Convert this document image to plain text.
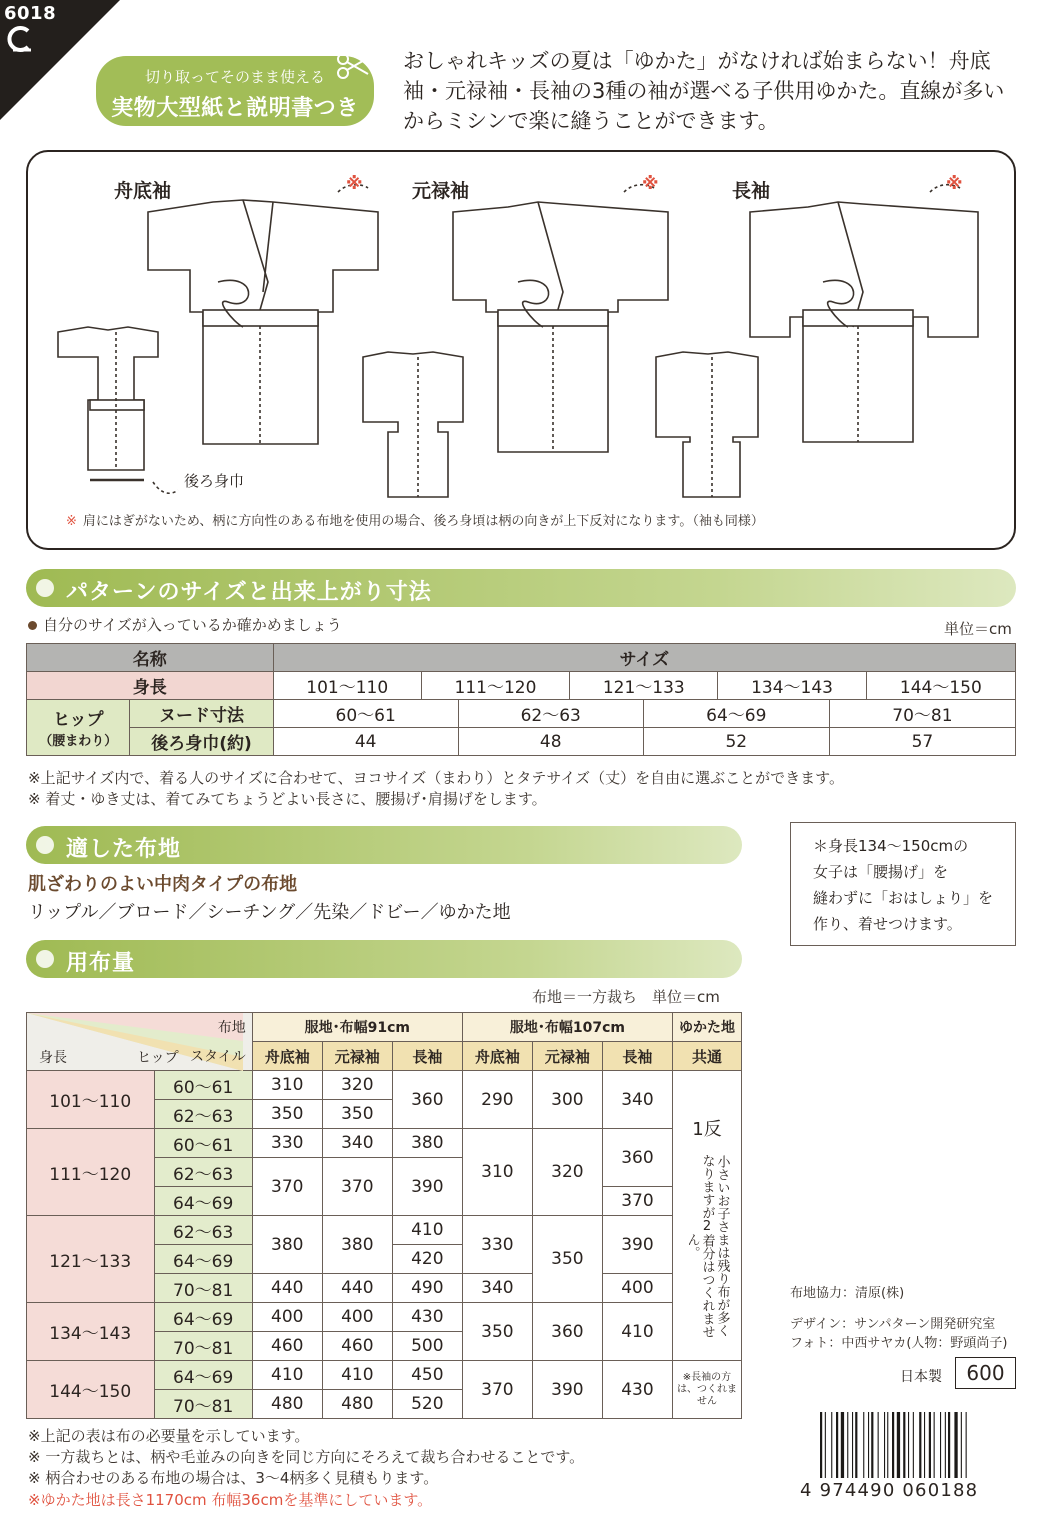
6018
切り取ってそのまま使える
実物大型紙と説明書つき
おしゃれキッズの夏は「ゆかた」がなければ始まらない！舟底袖・元禄袖・長袖の3種の袖が選べる子供用ゆかた。直線が多いからミシンで楽に縫うことができます。
舟底袖	元禄袖	長袖
※	※	※
後ろ身巾
※ 肩にはぎがないため、柄に方向性のある布地を使用の場合、後ろ身頃は柄の向きが上下反対になります。（袖も同様）
パターンのサイズと出来上がり寸法
自分のサイズが入っているか確かめましょう	単位＝cm
名称		サイズ							
身長		101〜110	111〜120		121〜133		134〜143		144〜150
ヒップ
（腰まわり）	ヌード寸法	60〜61		62〜63		64〜69		70〜81	
	後ろ身巾(約)	44		48		52		57	
※上記サイズ内で、着る人のサイズに合わせて、ヨコサイズ（まわり）とタテサイズ（丈）を自由に選ぶことができます。
※ 着丈・ゆき丈は、着てみてちょうどよい長さに、腰揚げ･肩揚げをします。
適した布地
肌ざわりのよい中肉タイプの布地
リップル／ブロード／シーチング／先染／ドビー／ゆかた地
＊身長134〜150cmの
女子は「腰揚げ」を
縫わずに「おはしょり」を
作り、着せつけます。
用布量
布地＝一方裁ち　単位＝cm
布地
スタイル
ヒップ
身長		服地･布幅91cm			服地･布幅107cm			ゆかた地
		舟底袖	元禄袖	長袖	舟底袖	元禄袖	長袖	共通
101〜110	60〜61	310	320	360	290	300	340	1反
小さいお子さまは残り布が多くなりますが2着分はつくれません。

	62〜63	350	350					
111〜120	60〜61	330	340	380	310	320	360	
	62〜63	370	370	390				
	64〜69						370	
121〜133	62〜63	380	380	410	330	350	390	
	64〜69			420				
	70〜81	440	440	490	340		400	
134〜143	64〜69	400	400	430	350	360	410	
	70〜81	460	460	500				
144〜150	64〜69	410	410	450	370	390	430	※長袖の方は、つくれません
	70〜81	480	480	520				
※上記の表は布の必要量を示しています。
※ 一方裁ちとは、柄や毛並みの向きを同じ方向にそろえて裁ち合わせることです。
※ 柄合わせのある布地の場合は、3〜4柄多く見積もります。
※ゆかた地は長さ1170cm 布幅36cmを基準にしています。
布地協力：清原(株)
デザイン：サンパターン開発研究室
フォト：中西サヤカ(人物：野頭尚子)
日本製	600
4 974490 060188
